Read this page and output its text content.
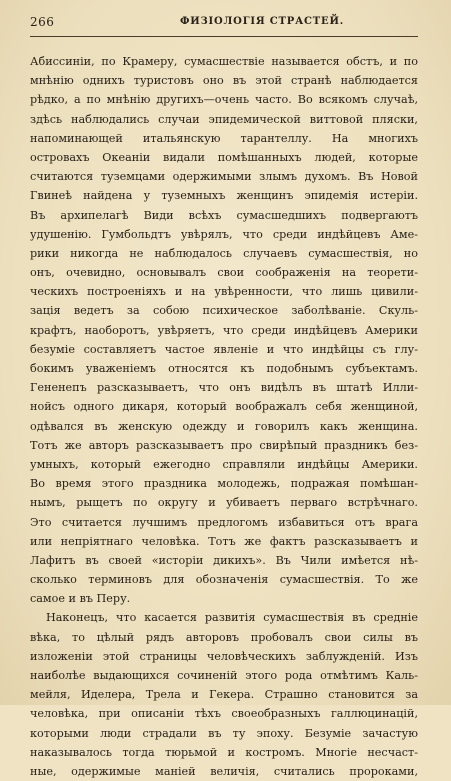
266	ФИЗІОЛОГІЯ СТРАСТЕЙ.
Абиссиніи, по Крамеру, сумасшествіе называется обстъ, и по
мнѣнію однихъ туристовъ оно въ этой странѣ наблюдается
рѣдко, а по мнѣнію другихъ—очень часто. Во всякомъ случаѣ,
здѣсь наблюдались случаи эпидемической виттовой пляски,
напоминающей итальянскую тарантеллу. На многихъ
островахъ Океаніи видали помѣшанныхъ людей, которые
считаются туземцами одержимыми злымъ духомъ. Въ Новой
Гвинеѣ найдена у туземныхъ женщинъ эпидемія истеріи.
Въ архипелагѣ Види всѣхъ сумасшедшихъ подвергаютъ
удушенію. Гумбольдтъ увѣрялъ, что среди индѣйцевъ Аме-
рики никогда не наблюдалось случаевъ сумасшествія, но
онъ, очевидно, основывалъ свои соображенія на теорети-
ческихъ построеніяхъ и на увѣренности, что лишь цивили-
зація ведетъ за собою психическое заболѣваніе. Скуль-
крафтъ, наоборотъ, увѣряетъ, что среди индѣйцевъ Америки
безуміе составляетъ частое явленіе и что индѣйцы съ глу-
бокимъ уваженіемъ относятся къ подобнымъ субъектамъ.
Гененепъ разсказываетъ, что онъ видѣлъ въ штатѣ Илли-
нойсъ одного дикаря, который воображалъ себя женщиной,
одѣвался въ женскую одежду и говорилъ какъ женщина.
Тотъ же авторъ разсказываетъ про свирѣпый праздникъ без-
умныхъ, который ежегодно справляли индѣйцы Америки.
Во время этого праздника молодежь, подражая помѣшан-
нымъ, рыщетъ по округу и убиваетъ перваго встрѣчнаго.
Это считается лучшимъ предлогомъ избавиться отъ врага
или непріятнаго человѣка. Тотъ же фактъ разсказываетъ и
Лафитъ въ своей «исторіи дикихъ». Въ Чили имѣется нѣ-
сколько терминовъ для обозначенія сумасшествія. То же
самое и въ Перу.
Наконецъ, что касается развитія сумасшествія въ средніе
вѣка, то цѣлый рядъ авторовъ пробовалъ свои силы въ
изложеніи этой страницы человѣческихъ заблужденій. Изъ
наиболѣе выдающихся сочиненій этого рода отмѣтимъ Каль-
мейля, Иделера, Трела и Гекера. Страшно становится за
человѣка, при описаніи тѣхъ своеобразныхъ галлюцинацій,
которыми люди страдали въ ту эпоху. Безуміе зачастую
наказывалось тогда тюрьмой и костромъ. Многіе несчаст-
ные, одержимые маніей величія, считались пророками,
